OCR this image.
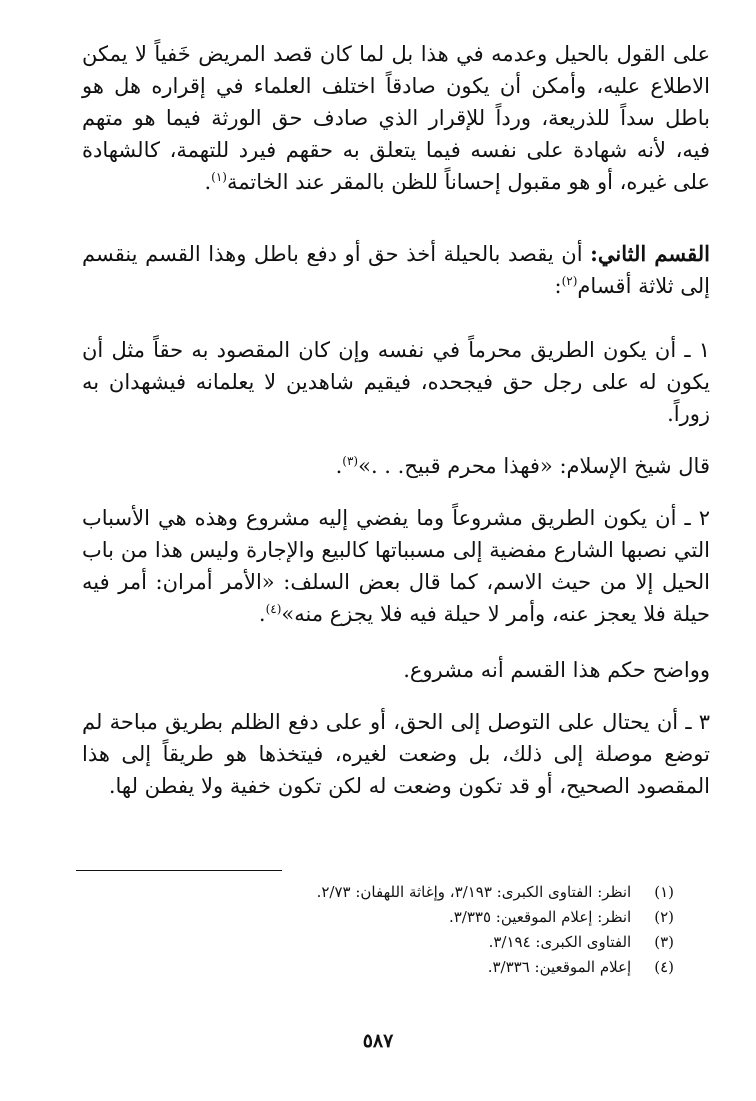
على القول بالحيل وعدمه في هذا بل لما كان قصد المريض خَفياً لا يمكن الاطلاع عليه، وأمكن أن يكون صادقاً اختلف العلماء في إقراره هل هو باطل سداً للذريعة، ورداً للإقرار الذي صادف حق الورثة فيما هو متهم فيه، لأنه شهادة على نفسه فيما يتعلق به حقهم فيرد للتهمة، كالشهادة على غيره، أو هو مقبول إحساناً للظن بالمقر عند الخاتمة$^{(١)}$.
القسم الثاني: أن يقصد بالحيلة أخذ حق أو دفع باطل وهذا القسم ينقسم إلى ثلاثة أقسام$^{(٢)}$:
١ ـ أن يكون الطريق محرماً في نفسه وإن كان المقصود به حقاً مثل أن يكون له على رجل حق فيجحده، فيقيم شاهدين لا يعلمانه فيشهدان به زوراً.
قال شيخ الإسلام: «فهذا محرم قبيح. . .»$^{(٣)}$.
٢ ـ أن يكون الطريق مشروعاً وما يفضي إليه مشروع وهذه هي الأسباب التي نصبها الشارع مفضية إلى مسبباتها كالبيع والإجارة وليس هذا من باب الحيل إلا من حيث الاسم، كما قال بعض السلف: «الأمر أمران: أمر فيه حيلة فلا يعجز عنه، وأمر لا حيلة فيه فلا يجزع منه»$^{(٤)}$.
وواضح حكم هذا القسم أنه مشروع.
٣ ـ أن يحتال على التوصل إلى الحق، أو على دفع الظلم بطريق مباحة لم توضع موصلة إلى ذلك، بل وضعت لغيره، فيتخذها هو طريقاً إلى هذا المقصود الصحيح، أو قد تكون وضعت له لكن تكون خفية ولا يفطن لها.
(١) انظر: الفتاوى الكبرى: ٣/١٩٣، وإغاثة اللهفان: ٢/٧٣.
(٢) انظر: إعلام الموقعين: ٣/٣٣٥.
(٣) الفتاوى الكبرى: ٣/١٩٤.
(٤) إعلام الموقعين: ٣/٣٣٦.
٥٨٧
